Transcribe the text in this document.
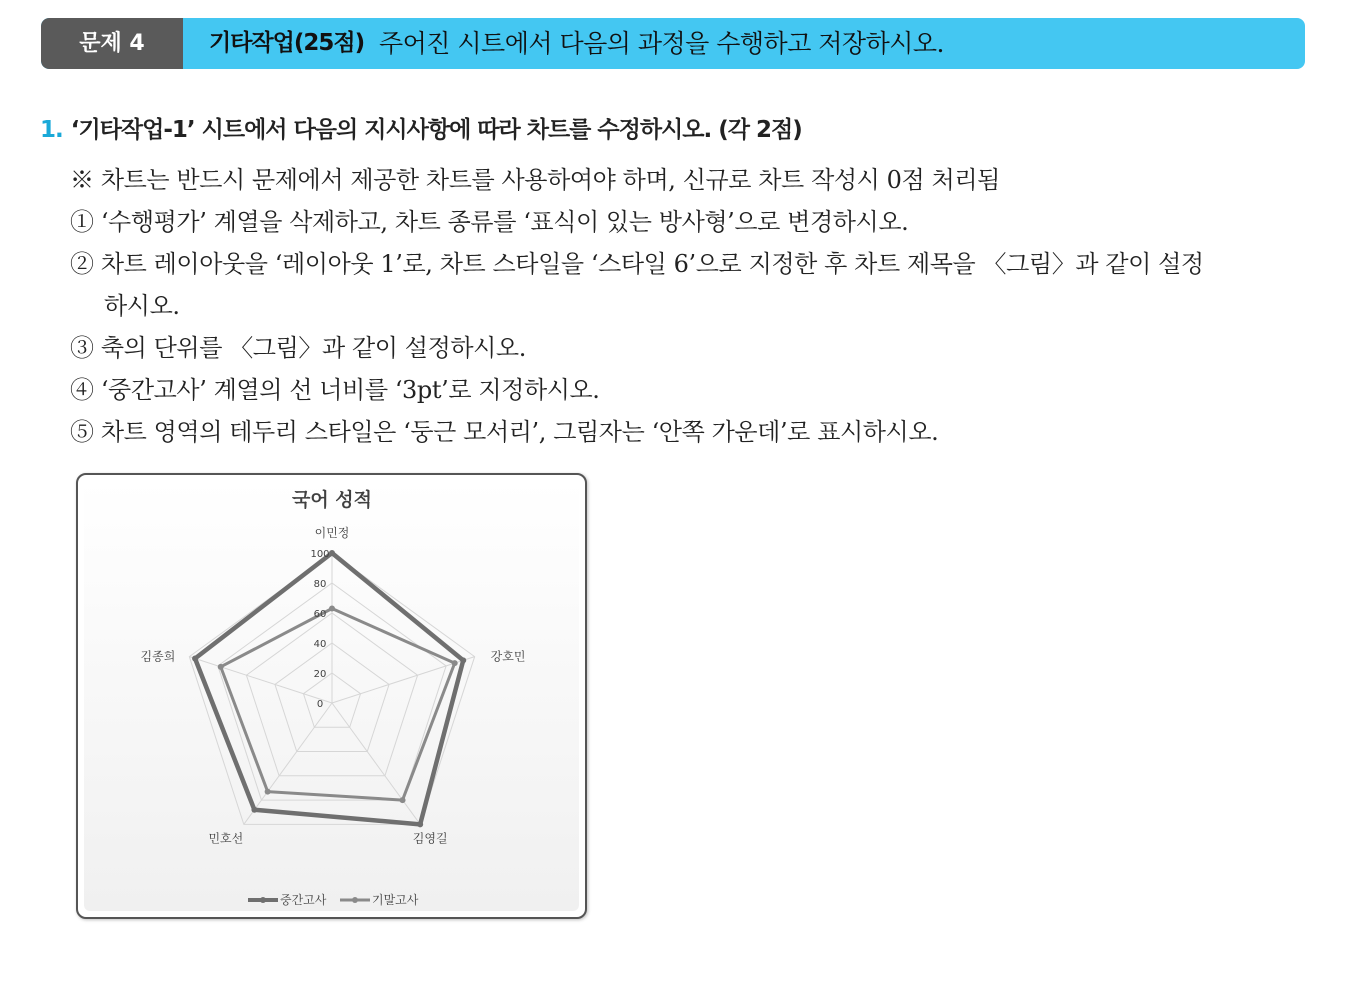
문제 4	기타작업(25점) 주어진 시트에서 다음의 과정을 수행하고 저장하시오.
1. ‘기타작업-1’ 시트에서 다음의 지시사항에 따라 차트를 수정하시오. (각 2점)
※ 차트는 반드시 문제에서 제공한 차트를 사용하여야 하며, 신규로 차트 작성시 0점 처리됨
① ‘수행평가’ 계열을 삭제하고, 차트 종류를 ‘표식이 있는 방사형’으로 변경하시오.
② 차트 레이아웃을 ‘레이아웃 1’로, 차트 스타일을 ‘스타일 6’으로 지정한 후 차트 제목을 〈그림〉과 같이 설정
하시오.
③ 축의 단위를 〈그림〉과 같이 설정하시오.
④ ‘중간고사’ 계열의 선 너비를 ‘3pt’로 지정하시오.
⑤ 차트 영역의 테두리 스타일은 ‘둥근 모서리’, 그림자는 ‘안쪽 가운데’로 표시하시오.
국어 성적
0
20
40
60
80
100
이민정
강호민
김영길
민호선
김종희
중간고사	기말고사
